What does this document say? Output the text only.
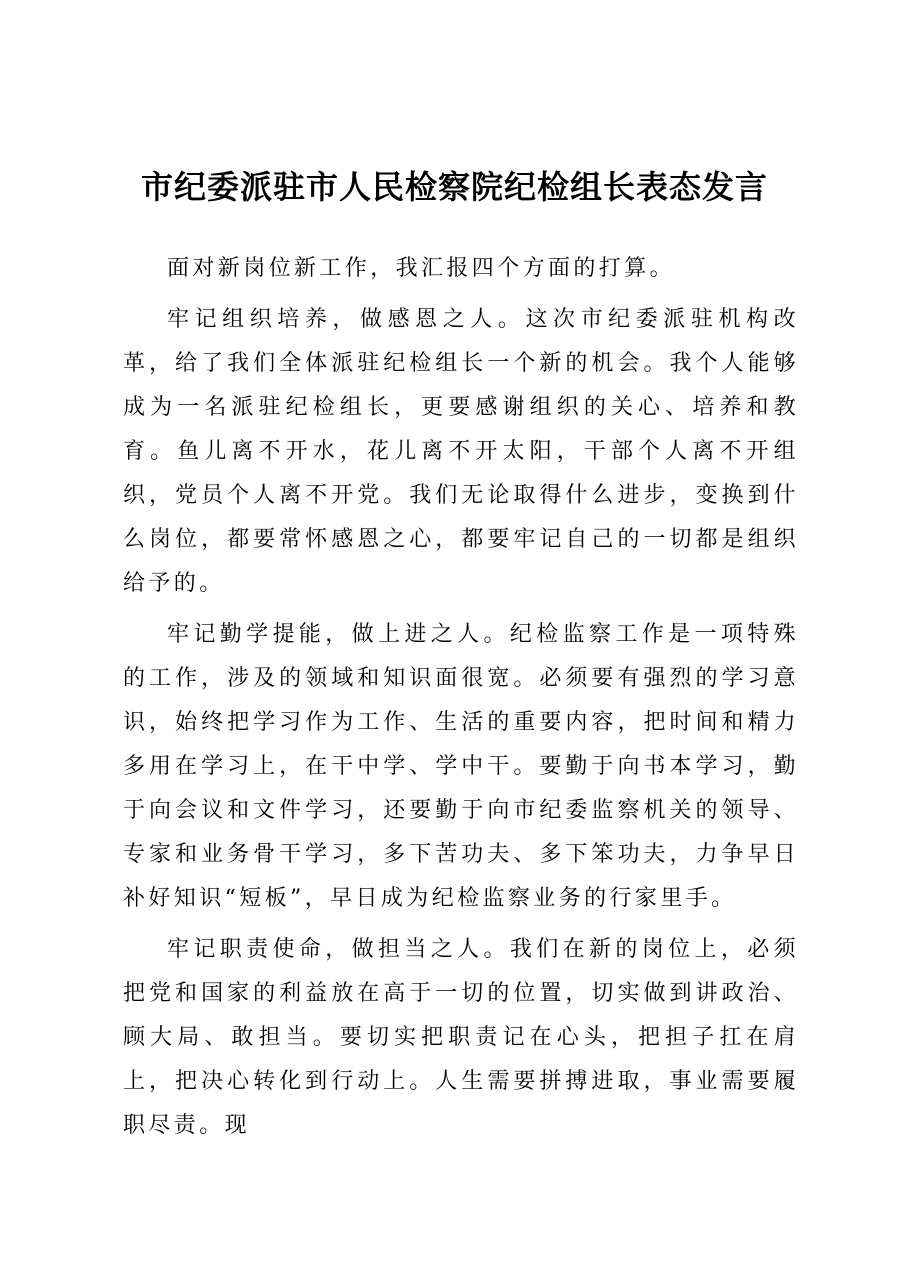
市纪委派驻市人民检察院纪检组长表态发言

面对新岗位新工作，我汇报四个方面的打算。

牢记组织培养，做感恩之人。这次市纪委派驻机构改革，给了我们全体派驻纪检组长一个新的机会。我个人能够成为一名派驻纪检组长，更要感谢组织的关心、培养和教育。鱼儿离不开水，花儿离不开太阳，干部个人离不开组织，党员个人离不开党。我们无论取得什么进步，变换到什么岗位，都要常怀感恩之心，都要牢记自己的一切都是组织给予的。

牢记勤学提能，做上进之人。纪检监察工作是一项特殊的工作，涉及的领域和知识面很宽。必须要有强烈的学习意识，始终把学习作为工作、生活的重要内容，把时间和精力多用在学习上，在干中学、学中干。要勤于向书本学习，勤于向会议和文件学习，还要勤于向市纪委监察机关的领导、专家和业务骨干学习，多下苦功夫、多下笨功夫，力争早日补好知识“短板”，早日成为纪检监察业务的行家里手。

牢记职责使命，做担当之人。我们在新的岗位上，必须把党和国家的利益放在高于一切的位置，切实做到讲政治、顾大局、敢担当。要切实把职责记在心头，把担子扛在肩上，把决心转化到行动上。人生需要拼搏进取，事业需要履职尽责。现
